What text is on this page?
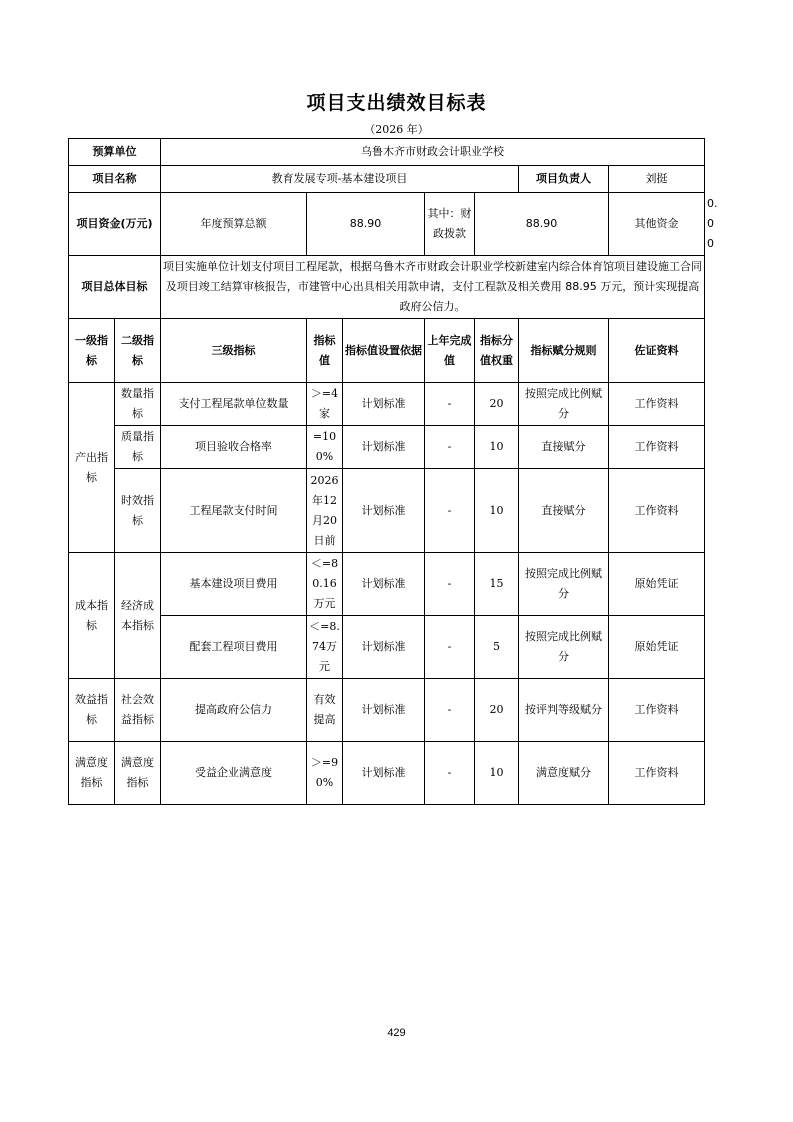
项目支出绩效目标表
（2026 年）
预算单位		乌鲁木齐市财政会计职业学校							
项目名称		教育发展专项-基本建设项目					项目负责人	刘挺	
项目资金(万元)		年度预算总额	88.90		其中：财政拨款	88.90		其他资金	0.00
项目总体目标		项目实施单位计划支付项目工程尾款，根据乌鲁木齐市财政会计职业学校新建室内综合体育馆项目建设施工合同及项目竣工结算审核报告，市建管中心出具相关用款申请，支付工程款及相关费用 88.95 万元，预计实现提高政府公信力。							
一级指标	二级指标	三级指标	指标值	指标值设置依据	上年完成值	指标分值权重	指标赋分规则	佐证资料	
产出指标	数量指标	支付工程尾款单位数量	＞=4家	计划标准	-	20	按照完成比例赋分	工作资料	
	质量指标	项目验收合格率	=100%	计划标准	-	10	直接赋分	工作资料	
	时效指标	工程尾款支付时间	2026年12月20日前	计划标准	-	10	直接赋分	工作资料	
成本指标	经济成本指标	基本建设项目费用	＜=80.16万元	计划标准	-	15	按照完成比例赋分	原始凭证	
		配套工程项目费用	＜=8.74万元	计划标准	-	5	按照完成比例赋分	原始凭证	
效益指标	社会效益指标	提高政府公信力	有效提高	计划标准	-	20	按评判等级赋分	工作资料	
满意度指标	满意度指标	受益企业满意度	＞=90%	计划标准	-	10	满意度赋分	工作资料	
429
